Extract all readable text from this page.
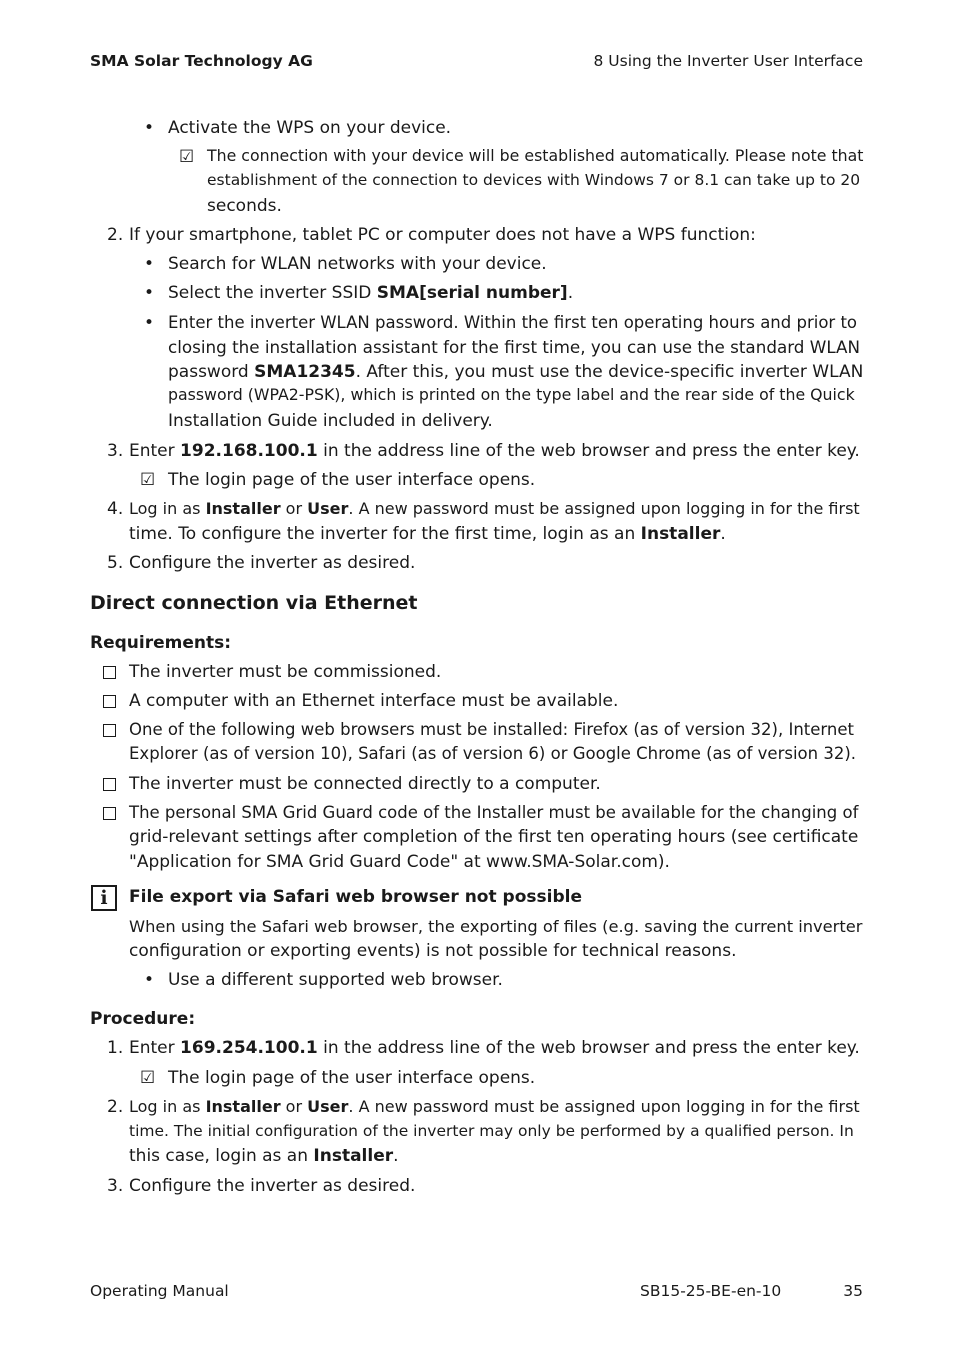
SMA Solar Technology AG	8 Using the Inverter User Interface
• Activate the WPS on your device.
☑ The connection with your device will be established automatically. Please note that
establishment of the connection to devices with Windows 7 or 8.1 can take up to 20
seconds.
2. If your smartphone, tablet PC or computer does not have a WPS function:
• Search for WLAN networks with your device.
• Select the inverter SSID SMA[serial number].
• Enter the inverter WLAN password. Within the first ten operating hours and prior to
closing the installation assistant for the first time, you can use the standard WLAN
password SMA12345. After this, you must use the device-specific inverter WLAN
password (WPA2-PSK), which is printed on the type label and the rear side of the Quick
Installation Guide included in delivery.
3. Enter 192.168.100.1 in the address line of the web browser and press the enter key.
☑ The login page of the user interface opens.
4. Log in as Installer or User. A new password must be assigned upon logging in for the first
time. To configure the inverter for the first time, login as an Installer.
5. Configure the inverter as desired.
Direct connection via Ethernet
Requirements:
The inverter must be commissioned.
A computer with an Ethernet interface must be available.
One of the following web browsers must be installed: Firefox (as of version 32), Internet
Explorer (as of version 10), Safari (as of version 6) or Google Chrome (as of version 32).
The inverter must be connected directly to a computer.
The personal SMA Grid Guard code of the Installer must be available for the changing of
grid-relevant settings after completion of the first ten operating hours (see certificate
"Application for SMA Grid Guard Code" at www.SMA-Solar.com).
i	File export via Safari web browser not possible
When using the Safari web browser, the exporting of files (e.g. saving the current inverter
configuration or exporting events) is not possible for technical reasons.
• Use a different supported web browser.
Procedure:
1. Enter 169.254.100.1 in the address line of the web browser and press the enter key.
☑ The login page of the user interface opens.
2. Log in as Installer or User. A new password must be assigned upon logging in for the first
time. The initial configuration of the inverter may only be performed by a qualified person. In
this case, login as an Installer.
3. Configure the inverter as desired.
Operating Manual	SB15-25-BE-en-10	35
